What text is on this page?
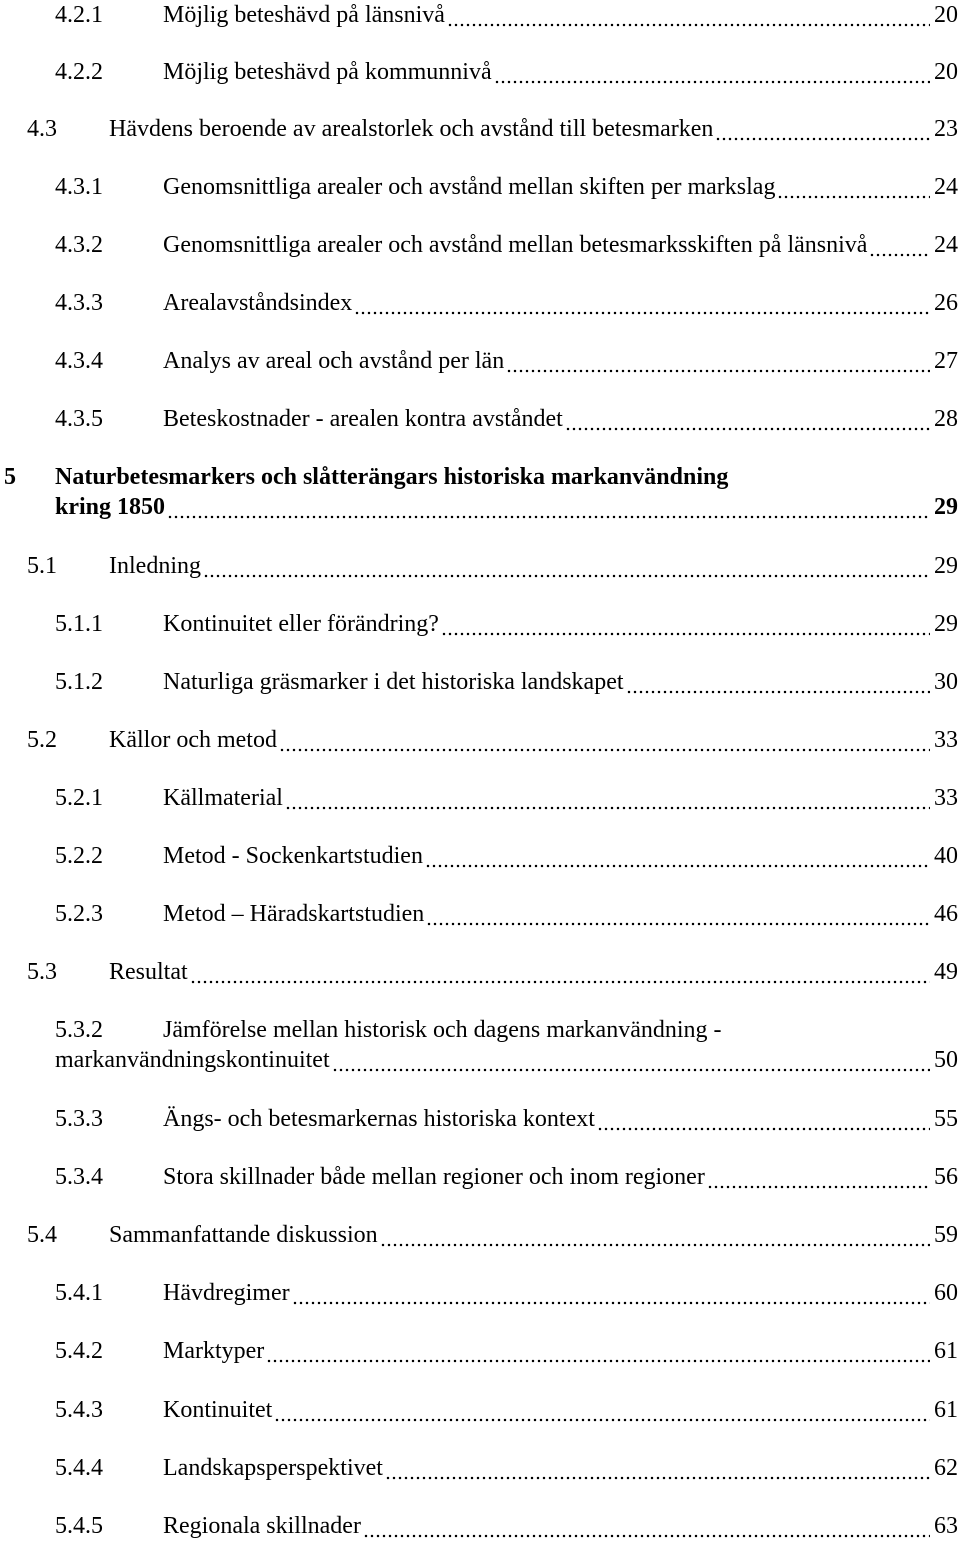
4.2.1	Möjlig beteshävd på länsnivå	20
4.2.2	Möjlig beteshävd på kommunnivå	20
4.3 Hävdens beroende av arealstorlek och avstånd till betesmarken	23
4.3.1	Genomsnittliga arealer och avstånd mellan skiften per markslag	24
4.3.2	Genomsnittliga arealer och avstånd mellan betesmarksskiften på länsnivå	24
4.3.3	Arealavståndsindex	26
4.3.4	Analys av areal och avstånd per län	27
4.3.5	Beteskostnader - arealen kontra avståndet	28
5 Naturbetesmarkers och slåtterängars historiska markanvändning
kring 1850	29
5.1 Inledning	29
5.1.1	Kontinuitet eller förändring?	29
5.1.2	Naturliga gräsmarker i det historiska landskapet	30
5.2 Källor och metod	33
5.2.1	Källmaterial	33
5.2.2	Metod - Sockenkartstudien	40
5.2.3	Metod – Häradskartstudien	46
5.3 Resultat	49
5.3.2	Jämförelse mellan historisk och dagens markanvändning -
markanvändningskontinuitet	50
5.3.3	Ängs- och betesmarkernas historiska kontext	55
5.3.4	Stora skillnader både mellan regioner och inom regioner	56
5.4 Sammanfattande diskussion	59
5.4.1	Hävdregimer	60
5.4.2	Marktyper	61
5.4.3	Kontinuitet	61
5.4.4	Landskapsperspektivet	62
5.4.5	Regionala skillnader	63
